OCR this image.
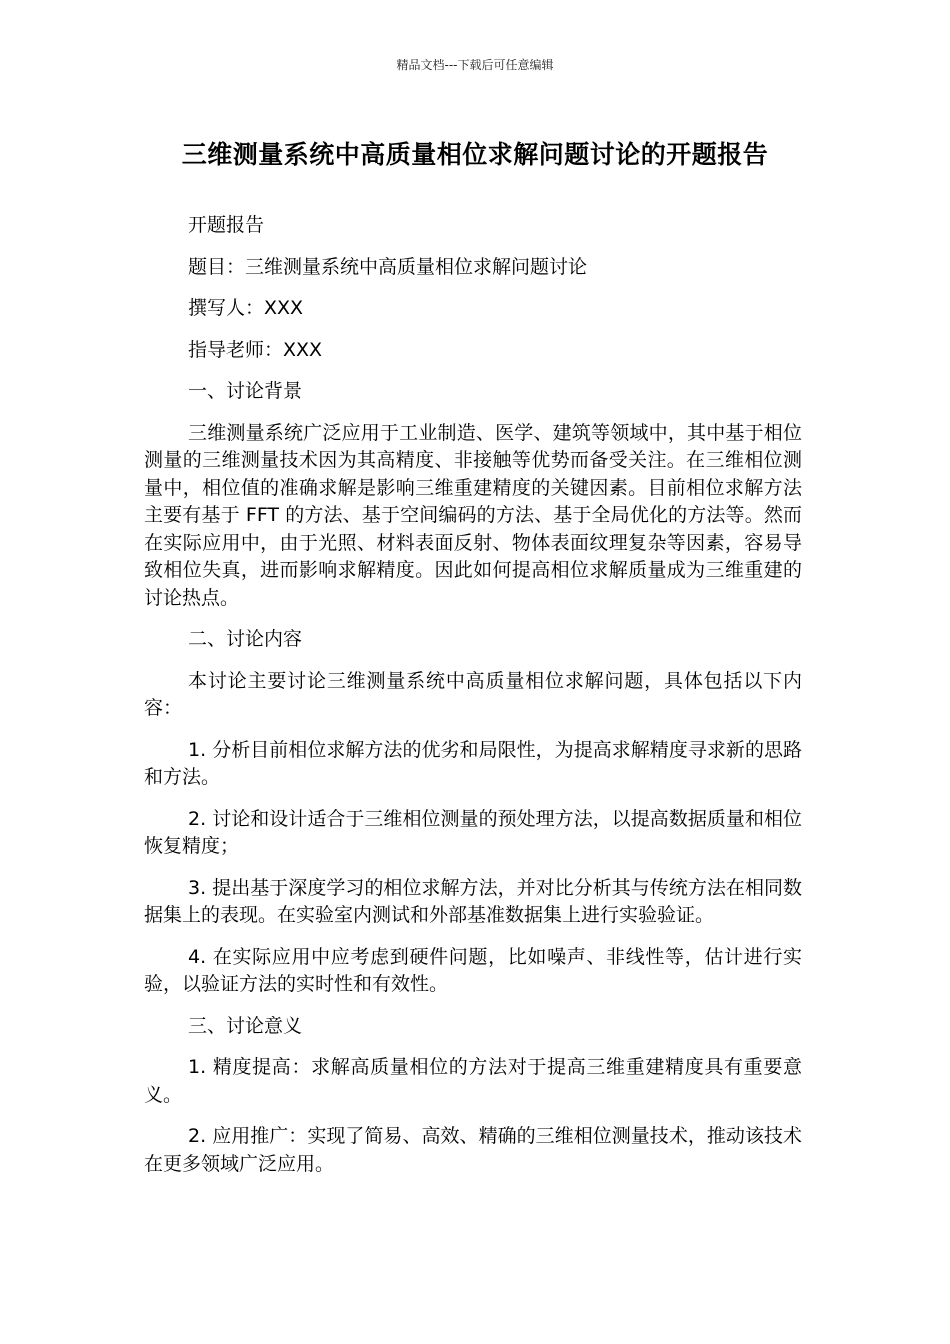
精品文档---下载后可任意编辑
三维测量系统中高质量相位求解问题讨论的开题报告

开题报告

题目：三维测量系统中高质量相位求解问题讨论

撰写人：XXX

指导老师：XXX

一、讨论背景

三维测量系统广泛应用于工业制造、医学、建筑等领域中，其中基于相位测量的三维测量技术因为其高精度、非接触等优势而备受关注。在三维相位测量中，相位值的准确求解是影响三维重建精度的关键因素。目前相位求解方法主要有基于 FFT 的方法、基于空间编码的方法、基于全局优化的方法等。然而在实际应用中，由于光照、材料表面反射、物体表面纹理复杂等因素，容易导致相位失真，进而影响求解精度。因此如何提高相位求解质量成为三维重建的讨论热点。

二、讨论内容

本讨论主要讨论三维测量系统中高质量相位求解问题，具体包括以下内容：

1. 分析目前相位求解方法的优劣和局限性，为提高求解精度寻求新的思路和方法。

2. 讨论和设计适合于三维相位测量的预处理方法，以提高数据质量和相位恢复精度；

3. 提出基于深度学习的相位求解方法，并对比分析其与传统方法在相同数据集上的表现。在实验室内测试和外部基准数据集上进行实验验证。

4. 在实际应用中应考虑到硬件问题，比如噪声、非线性等，估计进行实验，以验证方法的实时性和有效性。

三、讨论意义

1. 精度提高：求解高质量相位的方法对于提高三维重建精度具有重要意义。

2. 应用推广：实现了简易、高效、精确的三维相位测量技术，推动该技术在更多领域广泛应用。
